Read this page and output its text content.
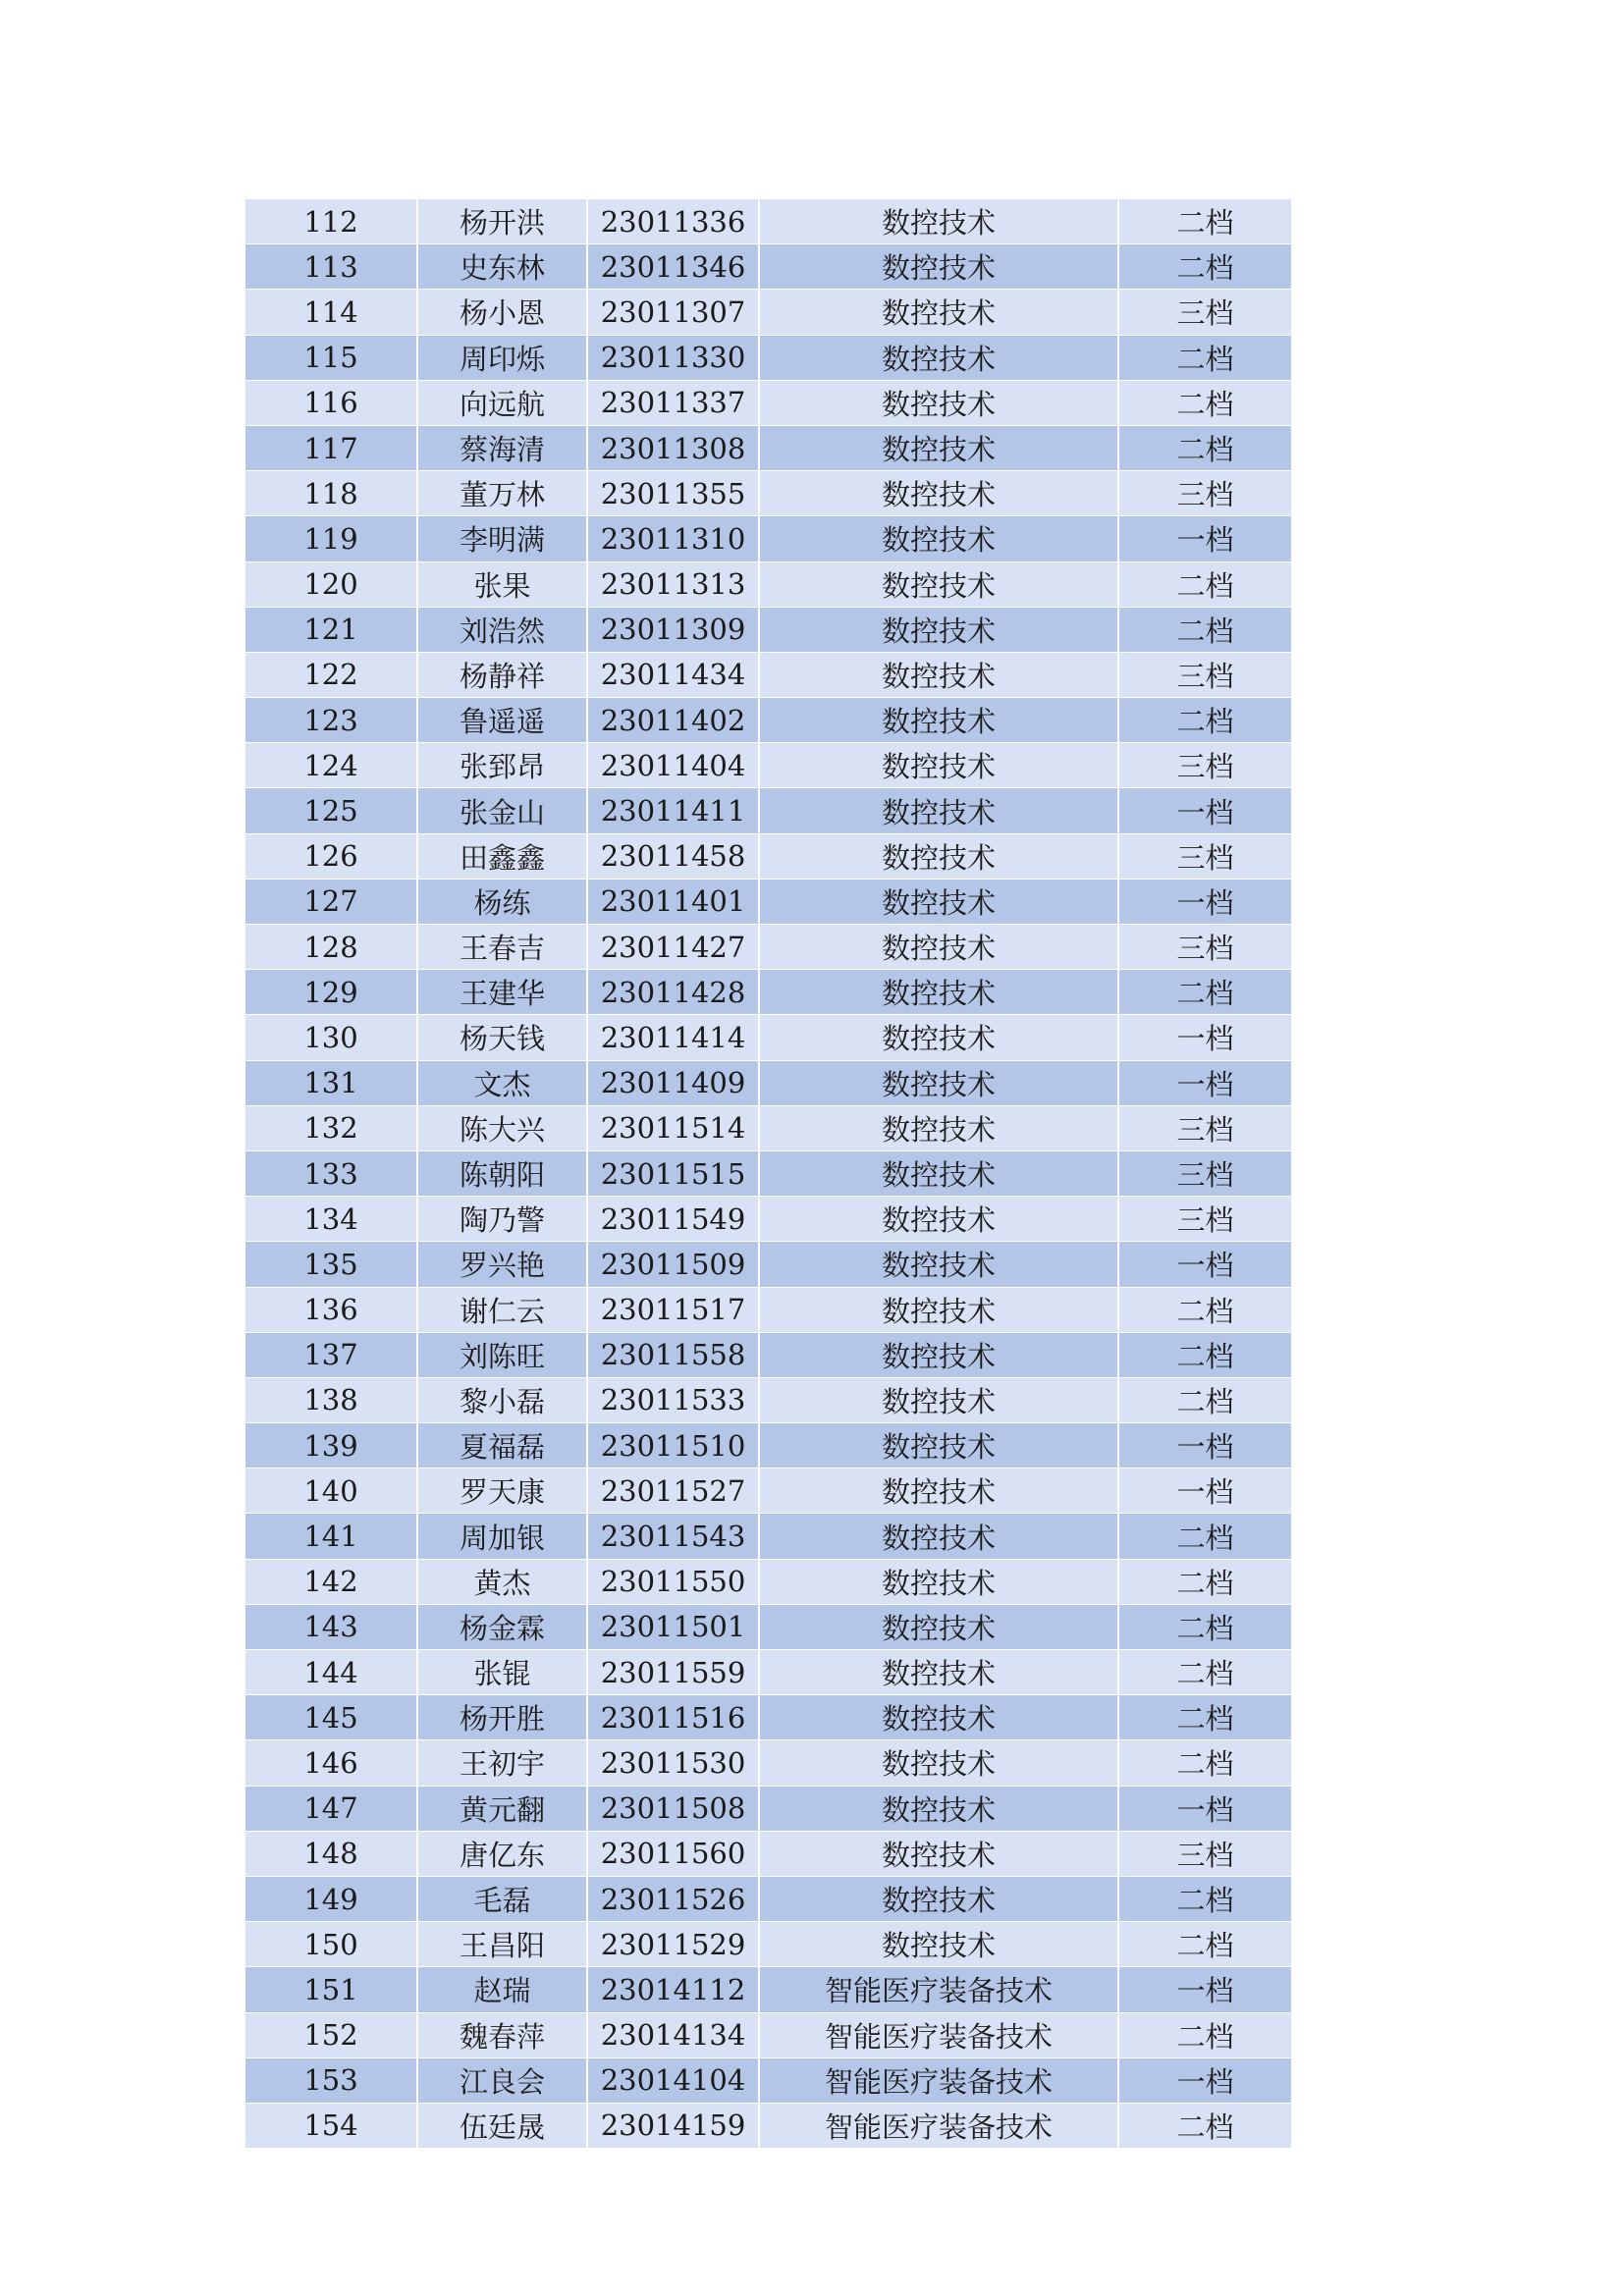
112	杨开洪	23011336	数控技术	二档
113	史东林	23011346	数控技术	二档
114	杨小恩	23011307	数控技术	三档
115	周印烁	23011330	数控技术	二档
116	向远航	23011337	数控技术	二档
117	蔡海清	23011308	数控技术	二档
118	董万林	23011355	数控技术	三档
119	李明满	23011310	数控技术	一档
120	张果	23011313	数控技术	二档
121	刘浩然	23011309	数控技术	二档
122	杨静祥	23011434	数控技术	三档
123	鲁遥遥	23011402	数控技术	二档
124	张郅昂	23011404	数控技术	三档
125	张金山	23011411	数控技术	一档
126	田鑫鑫	23011458	数控技术	三档
127	杨练	23011401	数控技术	一档
128	王春吉	23011427	数控技术	三档
129	王建华	23011428	数控技术	二档
130	杨天钱	23011414	数控技术	一档
131	文杰	23011409	数控技术	一档
132	陈大兴	23011514	数控技术	三档
133	陈朝阳	23011515	数控技术	三档
134	陶乃警	23011549	数控技术	三档
135	罗兴艳	23011509	数控技术	一档
136	谢仁云	23011517	数控技术	二档
137	刘陈旺	23011558	数控技术	二档
138	黎小磊	23011533	数控技术	二档
139	夏福磊	23011510	数控技术	一档
140	罗天康	23011527	数控技术	一档
141	周加银	23011543	数控技术	二档
142	黄杰	23011550	数控技术	二档
143	杨金霖	23011501	数控技术	二档
144	张锟	23011559	数控技术	二档
145	杨开胜	23011516	数控技术	二档
146	王初宇	23011530	数控技术	二档
147	黄元翻	23011508	数控技术	一档
148	唐亿东	23011560	数控技术	三档
149	毛磊	23011526	数控技术	二档
150	王昌阳	23011529	数控技术	二档
151	赵瑞	23014112	智能医疗装备技术	一档
152	魏春萍	23014134	智能医疗装备技术	二档
153	江良会	23014104	智能医疗装备技术	一档
154	伍廷晟	23014159	智能医疗装备技术	二档
